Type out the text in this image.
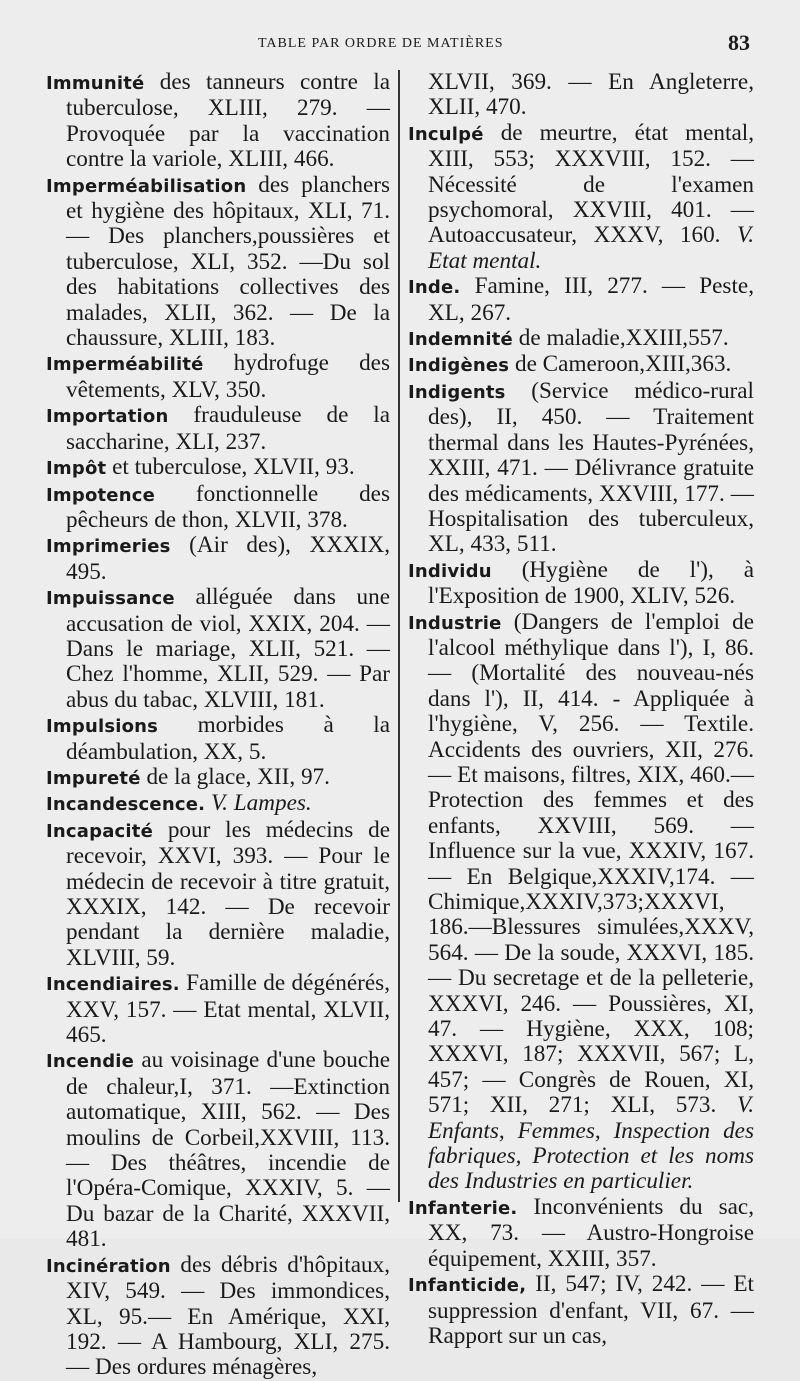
TABLE PAR ORDRE DE MATIÈRES	83

Immunité des tanneurs contre la tuberculose, XLIII, 279. — Provoquée par la vaccination contre la variole, XLIII, 466.

Imperméabilisation des planchers et hygiène des hôpitaux, XLI, 71. — Des planchers,poussières et tuberculose, XLI, 352. —Du sol des habitations collectives des malades, XLII, 362. — De la chaussure, XLIII, 183.

Imperméabilité hydrofuge des vêtements, XLV, 350.

Importation frauduleuse de la saccharine, XLI, 237.

Impôt et tuberculose, XLVII, 93.

Impotence fonctionnelle des pêcheurs de thon, XLVII, 378.

Imprimeries (Air des), XXXIX, 495.

Impuissance alléguée dans une accusation de viol, XXIX, 204. — Dans le mariage, XLII, 521. — Chez l'homme, XLII, 529. — Par abus du tabac, XLVIII, 181.

Impulsions morbides à la déambulation, XX, 5.

Impureté de la glace, XII, 97.

Incandescence. V. Lampes.

Incapacité pour les médecins de recevoir, XXVI, 393. — Pour le médecin de recevoir à titre gratuit, XXXIX, 142. — De recevoir pendant la dernière maladie, XLVIII, 59.

Incendiaires. Famille de dégénérés, XXV, 157. — Etat mental, XLVII, 465.

Incendie au voisinage d'une bouche de chaleur,I, 371. —Extinction automatique, XIII, 562. — Des moulins de Corbeil,XXVIII, 113. — Des théâtres, incendie de l'Opéra-Comique, XXXIV, 5. — Du bazar de la Charité, XXXVII, 481.

Incinération des débris d'hôpitaux, XIV, 549. — Des immondices, XL, 95.— En Amérique, XXI, 192. — A Hambourg, XLI, 275. — Des ordures ménagères,

XLVII, 369. — En Angleterre, XLII, 470.

Inculpé de meurtre, état mental, XIII, 553; XXXVIII, 152. — Nécessité de l'examen psychomoral, XXVIII, 401. — Autoaccusateur, XXXV, 160. V. Etat mental.

Inde. Famine, III, 277. — Peste, XL, 267.

Indemnité de maladie,XXIII,557.

Indigènes de Cameroon,XIII,363.

Indigents (Service médico-rural des), II, 450. — Traitement thermal dans les Hautes-Pyrénées, XXIII, 471. — Délivrance gratuite des médicaments, XXVIII, 177. — Hospitalisation des tuberculeux, XL, 433, 511.

Individu (Hygiène de l'), à l'Exposition de 1900, XLIV, 526.

Industrie (Dangers de l'emploi de l'alcool méthylique dans l'), I, 86. — (Mortalité des nouveau-nés dans l'), II, 414. - Appliquée à l'hygiène, V, 256. — Textile. Accidents des ouvriers, XII, 276. — Et maisons, filtres, XIX, 460.— Protection des femmes et des enfants, XXVIII, 569. — Influence sur la vue, XXXIV, 167. — En Belgique,XXXIV,174. — Chimique,XXXIV,373;XXXVI, 186.—Blessures simulées,XXXV, 564. — De la soude, XXXVI, 185. — Du secretage et de la pelleterie, XXXVI, 246. — Poussières, XI, 47. — Hygiène, XXX, 108; XXXVI, 187; XXXVII, 567; L, 457; — Congrès de Rouen, XI, 571; XII, 271; XLI, 573. V. Enfants, Femmes, Inspection des fabriques, Protection et les noms des Industries en particulier.

Infanterie. Inconvénients du sac, XX, 73. — Austro-Hongroise équipement, XXIII, 357.

Infanticide, II, 547; IV, 242. — Et suppression d'enfant, VII, 67. — Rapport sur un cas,
